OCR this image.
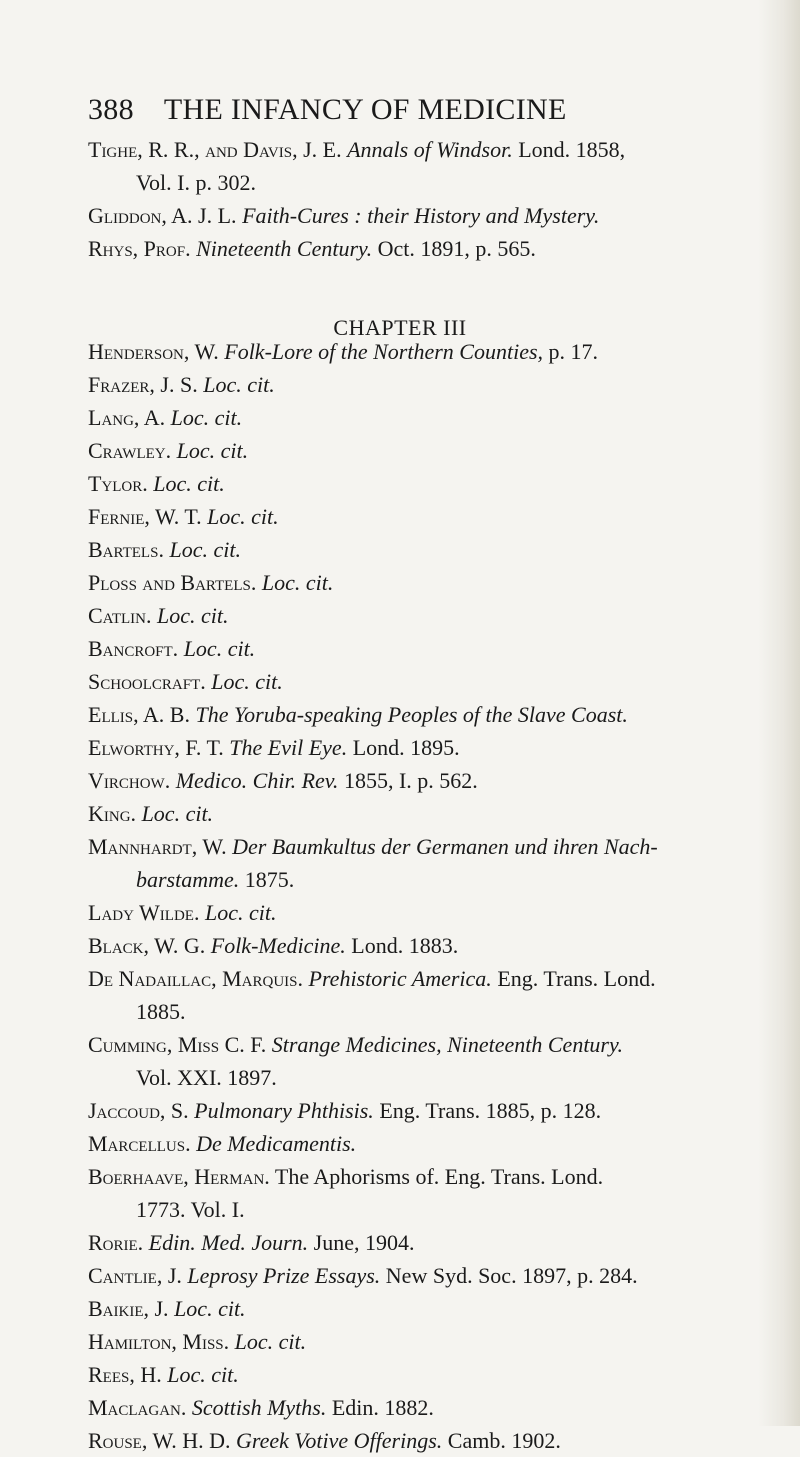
388 THE INFANCY OF MEDICINE
Tighe, R. R., and Davis, J. E. Annals of Windsor. Lond. 1858,
Vol. I. p. 302.
Gliddon, A. J. L. Faith-Cures : their History and Mystery.
Rhys, Prof. Nineteenth Century. Oct. 1891, p. 565.
CHAPTER III
Henderson, W. Folk-Lore of the Northern Counties, p. 17.
Frazer, J. S. Loc. cit.
Lang, A. Loc. cit.
Crawley. Loc. cit.
Tylor. Loc. cit.
Fernie, W. T. Loc. cit.
Bartels. Loc. cit.
Ploss and Bartels. Loc. cit.
Catlin. Loc. cit.
Bancroft. Loc. cit.
Schoolcraft. Loc. cit.
Ellis, A. B. The Yoruba-speaking Peoples of the Slave Coast.
Elworthy, F. T. The Evil Eye. Lond. 1895.
Virchow. Medico. Chir. Rev. 1855, I. p. 562.
King. Loc. cit.
Mannhardt, W. Der Baumkultus der Germanen und ihren Nach-
barstamme. 1875.
Lady Wilde. Loc. cit.
Black, W. G. Folk-Medicine. Lond. 1883.
De Nadaillac, Marquis. Prehistoric America. Eng. Trans. Lond.
1885.
Cumming, Miss C. F. Strange Medicines, Nineteenth Century.
Vol. XXI. 1897.
Jaccoud, S. Pulmonary Phthisis. Eng. Trans. 1885, p. 128.
Marcellus. De Medicamentis.
Boerhaave, Herman. The Aphorisms of. Eng. Trans. Lond.
1773. Vol. I.
Rorie. Edin. Med. Journ. June, 1904.
Cantlie, J. Leprosy Prize Essays. New Syd. Soc. 1897, p. 284.
Baikie, J. Loc. cit.
Hamilton, Miss. Loc. cit.
Rees, H. Loc. cit.
Maclagan. Scottish Myths. Edin. 1882.
Rouse, W. H. D. Greek Votive Offerings. Camb. 1902.
